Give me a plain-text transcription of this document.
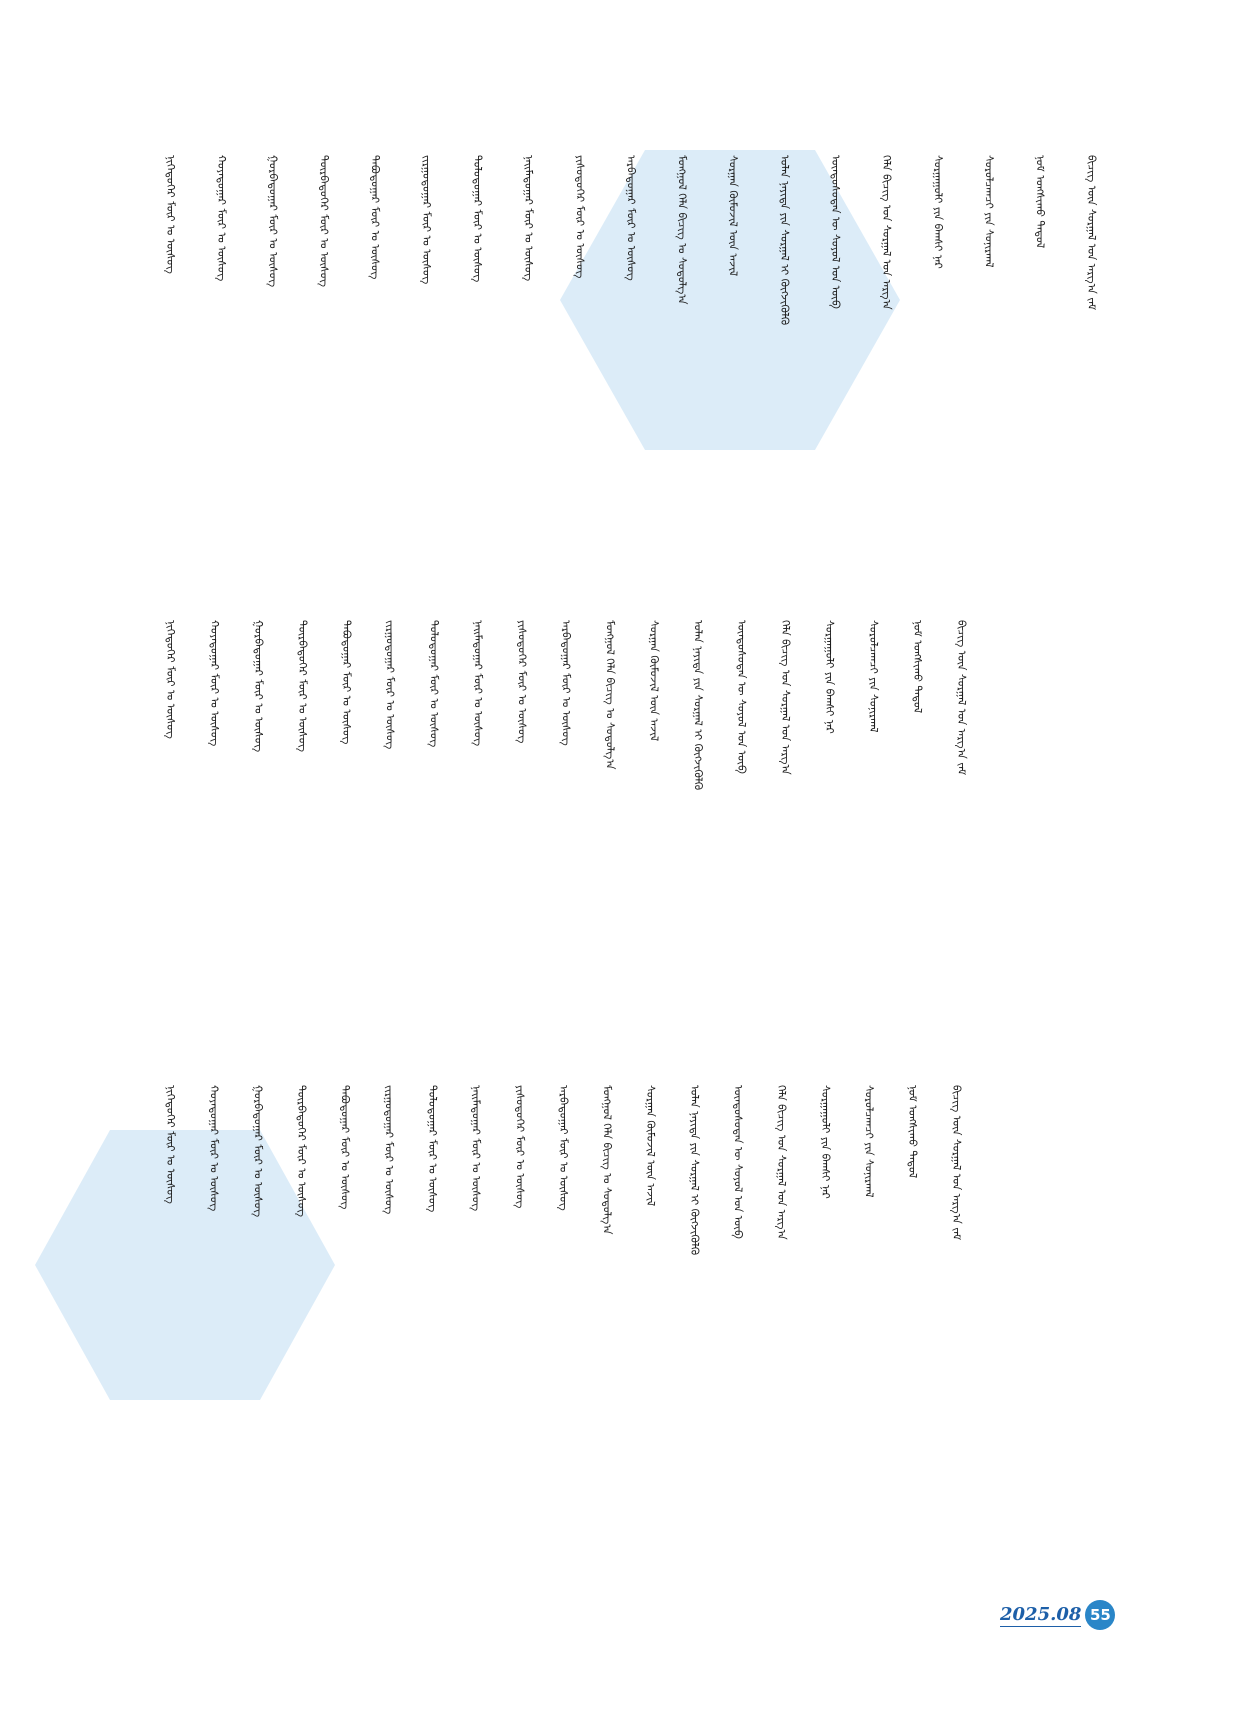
ᠨᠢᠭᠡᠳᠦᠭᠡᠷ ᠮᠥᠷ ᠤ ᠦᠰᠦᠭ	ᠬᠣᠶᠠᠳᠤᠭᠠᠷ ᠮᠥᠷ ᠤ ᠦᠰᠦᠭ	ᠭᠤᠷᠪᠠᠳᠤᠭᠠᠷ ᠮᠥᠷ ᠤ ᠦᠰᠦᠭ	ᠳᠥᠷᠪᠡᠳᠦᠭᠡᠷ ᠮᠥᠷ ᠤ ᠦᠰᠦᠭ	ᠲᠠᠪᠤᠳᠤᠭᠠᠷ ᠮᠥᠷ ᠤ ᠦᠰᠦᠭ	ᠵᠢᠷᠭᠤᠳᠤᠭᠠᠷ ᠮᠥᠷ ᠤ ᠦᠰᠦᠭ	ᠳᠣᠯᠣᠳᠤᠭᠠᠷ ᠮᠥᠷ ᠤ ᠦᠰᠦᠭ	ᠨᠠᠢᠮᠠᠳᠤᠭᠠᠷ ᠮᠥᠷ ᠤ ᠦᠰᠦᠭ	ᠶᠢᠰᠦᠳᠦᠭᠡᠷ ᠮᠥᠷ ᠤ ᠦᠰᠦᠭ	ᠠᠷᠪᠠᠳᠤᠭᠠᠷ ᠮᠥᠷ ᠤ ᠦᠰᠦᠭ	ᠮᠣᠩᠭᠣᠯ ᠬᠡᠯᠡ ᠪᠢᠴᠢᠭ ᠤ ᠰᠤᠳᠤᠯᠭ᠎ᠠ	ᠰᠤᠷᠭᠠᠨ ᠬᠦᠮᠦᠵᠢᠯ ᠦᠨ ᠠᠵᠢᠯ	ᠣᠯᠠᠨ ᠨᠡᠶᠢᠲᠡ ᠶᠢᠨ ᠰᠤᠷᠭᠠᠯ ᠢ ᠬᠥᠭᠵᠢᠭᠦᠯᠬᠦ	ᠦᠨᠳᠦᠰᠦᠲᠡᠨ ᠦ ᠰᠣᠶᠣᠯ ᠤᠨ ᠥᠪ	ᠬᠡᠯᠡ ᠪᠢᠴᠢᠭ ᠤᠨ ᠰᠤᠷᠭᠠᠯ ᠤᠨ ᠠᠷᠭ᠎ᠠ	ᠰᠤᠷᠭᠠᠭᠤᠯᠢ ᠶᠢᠨ ᠪᠠᠭᠰᠢ ᠨᠠᠷ	ᠰᠤᠷᠤᠯᠴᠠᠭᠴᠢ ᠶᠢᠨ ᠰᠣᠨᠢᠷᠬᠠᠯ	ᠨᠣᠮ ᠤᠩᠰᠢᠬᠤ ᠳᠠᠳᠤᠯ	ᠪᠢᠴᠢᠭ ᠦᠨ ᠰᠤᠷᠭᠠᠯ ᠤᠨ ᠠᠷᠭ᠎ᠠ ᠵᠠᠮ
ᠨᠢᠭᠡᠳᠦᠭᠡᠷ ᠮᠥᠷ ᠤ ᠦᠰᠦᠭ	ᠬᠣᠶᠠᠳᠤᠭᠠᠷ ᠮᠥᠷ ᠤ ᠦᠰᠦᠭ	ᠭᠤᠷᠪᠠᠳᠤᠭᠠᠷ ᠮᠥᠷ ᠤ ᠦᠰᠦᠭ	ᠳᠥᠷᠪᠡᠳᠦᠭᠡᠷ ᠮᠥᠷ ᠤ ᠦᠰᠦᠭ	ᠲᠠᠪᠤᠳᠤᠭᠠᠷ ᠮᠥᠷ ᠤ ᠦᠰᠦᠭ	ᠵᠢᠷᠭᠤᠳᠤᠭᠠᠷ ᠮᠥᠷ ᠤ ᠦᠰᠦᠭ	ᠳᠣᠯᠣᠳᠤᠭᠠᠷ ᠮᠥᠷ ᠤ ᠦᠰᠦᠭ	ᠨᠠᠢᠮᠠᠳᠤᠭᠠᠷ ᠮᠥᠷ ᠤ ᠦᠰᠦᠭ	ᠶᠢᠰᠦᠳᠦᠭᠡᠷ ᠮᠥᠷ ᠤ ᠦᠰᠦᠭ	ᠠᠷᠪᠠᠳᠤᠭᠠᠷ ᠮᠥᠷ ᠤ ᠦᠰᠦᠭ	ᠮᠣᠩᠭᠣᠯ ᠬᠡᠯᠡ ᠪᠢᠴᠢᠭ ᠤ ᠰᠤᠳᠤᠯᠭ᠎ᠠ	ᠰᠤᠷᠭᠠᠨ ᠬᠦᠮᠦᠵᠢᠯ ᠦᠨ ᠠᠵᠢᠯ	ᠣᠯᠠᠨ ᠨᠡᠶᠢᠲᠡ ᠶᠢᠨ ᠰᠤᠷᠭᠠᠯ ᠢ ᠬᠥᠭᠵᠢᠭᠦᠯᠬᠦ	ᠦᠨᠳᠦᠰᠦᠲᠡᠨ ᠦ ᠰᠣᠶᠣᠯ ᠤᠨ ᠥᠪ	ᠬᠡᠯᠡ ᠪᠢᠴᠢᠭ ᠤᠨ ᠰᠤᠷᠭᠠᠯ ᠤᠨ ᠠᠷᠭ᠎ᠠ	ᠰᠤᠷᠭᠠᠭᠤᠯᠢ ᠶᠢᠨ ᠪᠠᠭᠰᠢ ᠨᠠᠷ	ᠰᠤᠷᠤᠯᠴᠠᠭᠴᠢ ᠶᠢᠨ ᠰᠣᠨᠢᠷᠬᠠᠯ	ᠨᠣᠮ ᠤᠩᠰᠢᠬᠤ ᠳᠠᠳᠤᠯ	ᠪᠢᠴᠢᠭ ᠦᠨ ᠰᠤᠷᠭᠠᠯ ᠤᠨ ᠠᠷᠭ᠎ᠠ ᠵᠠᠮ
ᠨᠢᠭᠡᠳᠦᠭᠡᠷ ᠮᠥᠷ ᠤ ᠦᠰᠦᠭ	ᠬᠣᠶᠠᠳᠤᠭᠠᠷ ᠮᠥᠷ ᠤ ᠦᠰᠦᠭ	ᠭᠤᠷᠪᠠᠳᠤᠭᠠᠷ ᠮᠥᠷ ᠤ ᠦᠰᠦᠭ	ᠳᠥᠷᠪᠡᠳᠦᠭᠡᠷ ᠮᠥᠷ ᠤ ᠦᠰᠦᠭ	ᠲᠠᠪᠤᠳᠤᠭᠠᠷ ᠮᠥᠷ ᠤ ᠦᠰᠦᠭ	ᠵᠢᠷᠭᠤᠳᠤᠭᠠᠷ ᠮᠥᠷ ᠤ ᠦᠰᠦᠭ	ᠳᠣᠯᠣᠳᠤᠭᠠᠷ ᠮᠥᠷ ᠤ ᠦᠰᠦᠭ	ᠨᠠᠢᠮᠠᠳᠤᠭᠠᠷ ᠮᠥᠷ ᠤ ᠦᠰᠦᠭ	ᠶᠢᠰᠦᠳᠦᠭᠡᠷ ᠮᠥᠷ ᠤ ᠦᠰᠦᠭ	ᠠᠷᠪᠠᠳᠤᠭᠠᠷ ᠮᠥᠷ ᠤ ᠦᠰᠦᠭ	ᠮᠣᠩᠭᠣᠯ ᠬᠡᠯᠡ ᠪᠢᠴᠢᠭ ᠤ ᠰᠤᠳᠤᠯᠭ᠎ᠠ	ᠰᠤᠷᠭᠠᠨ ᠬᠦᠮᠦᠵᠢᠯ ᠦᠨ ᠠᠵᠢᠯ	ᠣᠯᠠᠨ ᠨᠡᠶᠢᠲᠡ ᠶᠢᠨ ᠰᠤᠷᠭᠠᠯ ᠢ ᠬᠥᠭᠵᠢᠭᠦᠯᠬᠦ	ᠦᠨᠳᠦᠰᠦᠲᠡᠨ ᠦ ᠰᠣᠶᠣᠯ ᠤᠨ ᠥᠪ	ᠬᠡᠯᠡ ᠪᠢᠴᠢᠭ ᠤᠨ ᠰᠤᠷᠭᠠᠯ ᠤᠨ ᠠᠷᠭ᠎ᠠ	ᠰᠤᠷᠭᠠᠭᠤᠯᠢ ᠶᠢᠨ ᠪᠠᠭᠰᠢ ᠨᠠᠷ	ᠰᠤᠷᠤᠯᠴᠠᠭᠴᠢ ᠶᠢᠨ ᠰᠣᠨᠢᠷᠬᠠᠯ	ᠨᠣᠮ ᠤᠩᠰᠢᠬᠤ ᠳᠠᠳᠤᠯ	ᠪᠢᠴᠢᠭ ᠦᠨ ᠰᠤᠷᠭᠠᠯ ᠤᠨ ᠠᠷᠭ᠎ᠠ ᠵᠠᠮ
2025.08 55
